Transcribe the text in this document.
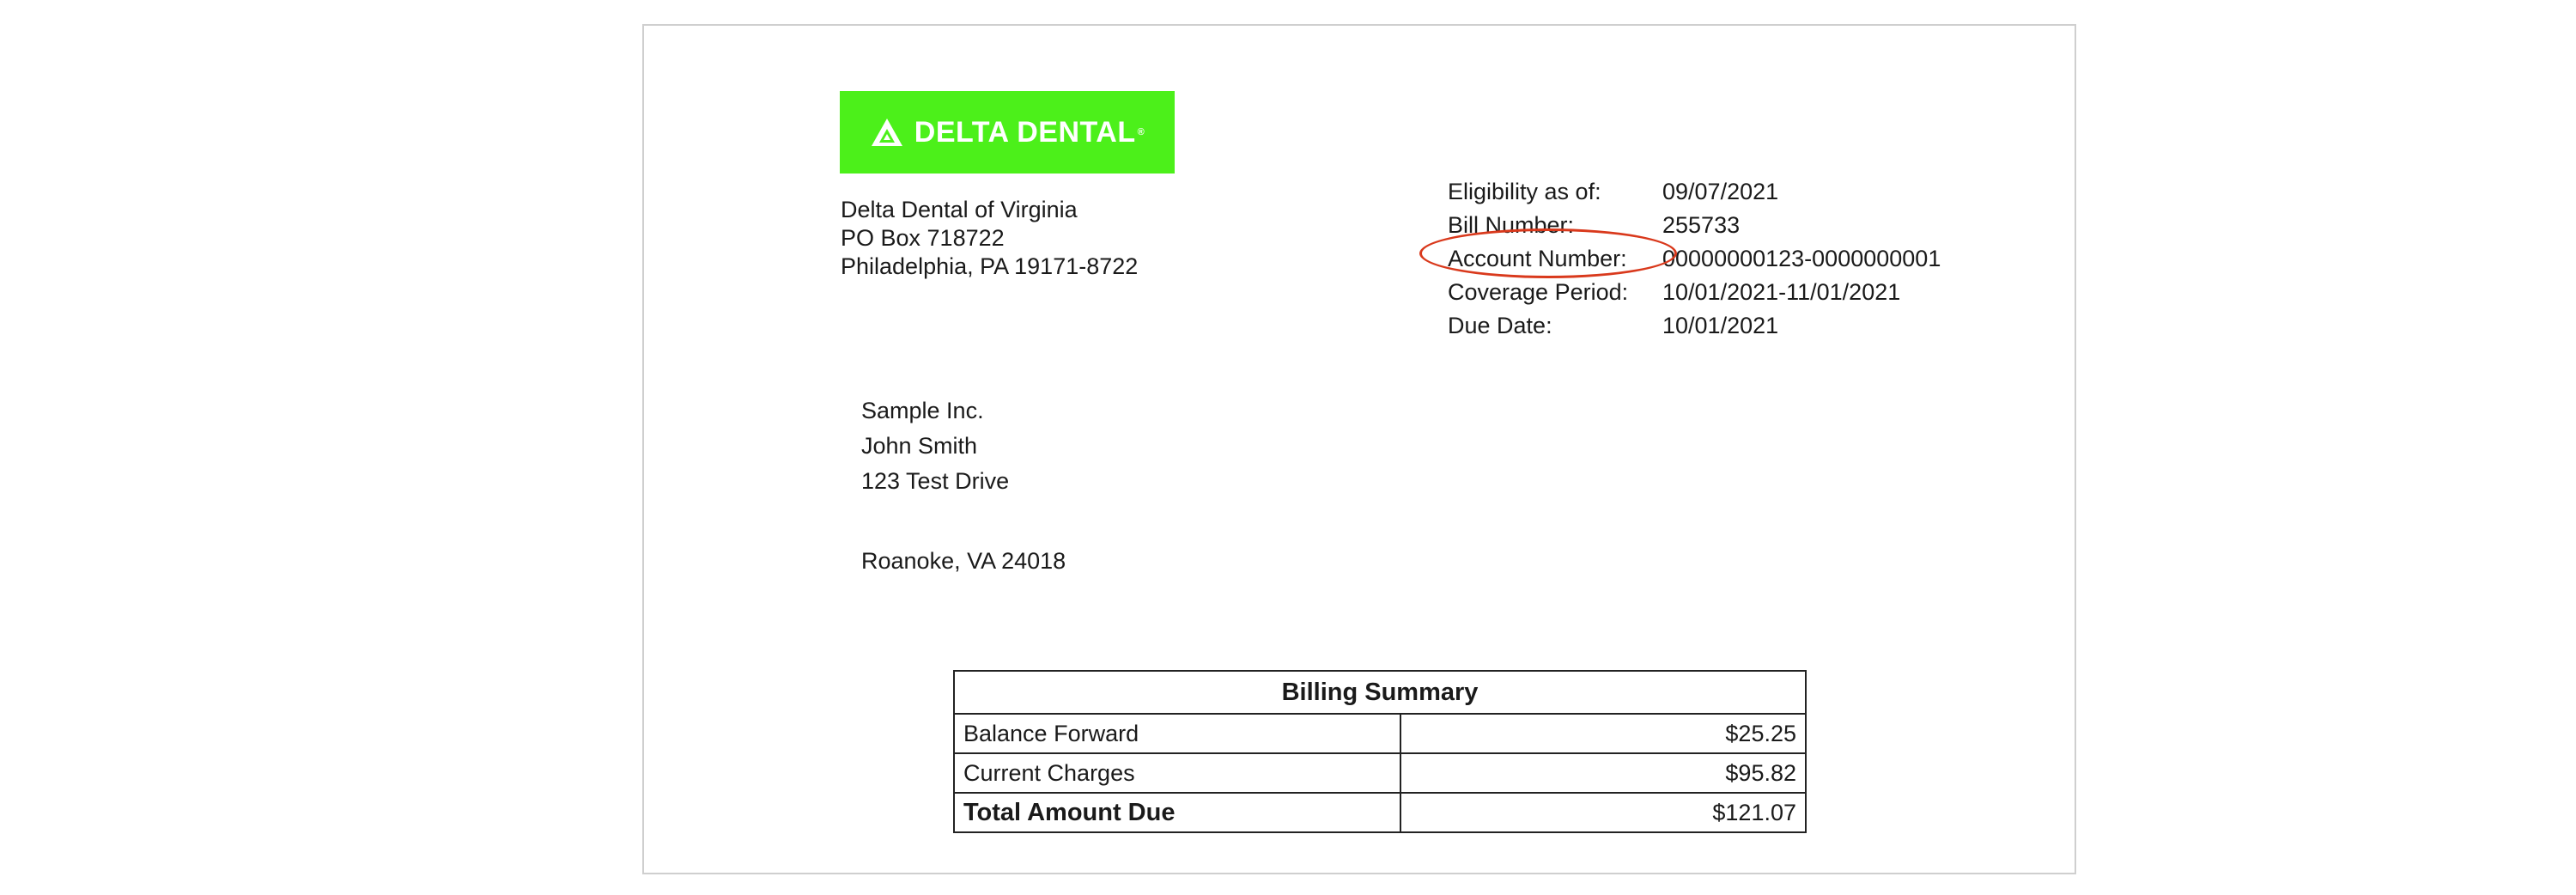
DELTA DENTAL ®
Delta Dental of Virginia
PO Box 718722
Philadelphia, PA 19171-8722
Eligibility as of:	09/07/2021
Bill Number:	255733
Account Number:	00000000123-0000000001
Coverage Period:	10/01/2021-11/01/2021
Due Date:	10/01/2021
Sample Inc.
John Smith
123 Test Drive
Roanoke, VA 24018
Billing Summary	
Balance Forward	$25.25
Current Charges	$95.82
Total Amount Due	$121.07
